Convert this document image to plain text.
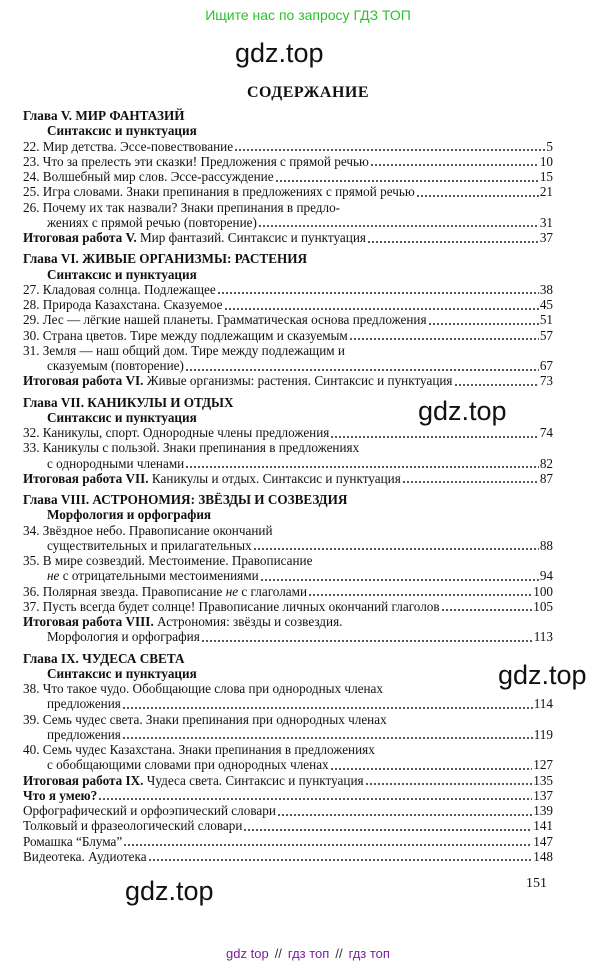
Ищите нас по запросу ГДЗ ТОП
gdz.top
gdz.top
gdz.top
gdz.top
СОДЕРЖАНИЕ
Глава V. МИР ФАНТАЗИЙ
Синтаксис и пунктуация
22. Мир детства. Эссе-повествование	5
23. Что за прелесть эти сказки! Предложения с прямой речью	10
24. Волшебный мир слов. Эссе-рассуждение	15
25. Игра словами. Знаки препинания в предложениях с прямой речью	21
26. Почему их так назвали? Знаки препинания в предло-
жениях с прямой речью (повторение)	31
Итоговая работа V. Мир фантазий. Синтаксис и пунктуация	37
Глава VI. ЖИВЫЕ ОРГАНИЗМЫ: РАСТЕНИЯ
Синтаксис и пунктуация
27. Кладовая солнца. Подлежащее	38
28. Природа Казахстана. Сказуемое	45
29. Лес — лёгкие нашей планеты. Грамматическая основа предложения	51
30. Страна цветов. Тире между подлежащим и сказуемым	57
31. Земля — наш общий дом. Тире между подлежащим и
сказуемым (повторение)	67
Итоговая работа VI. Живые организмы: растения. Синтаксис и пунктуация	73
Глава VII. КАНИКУЛЫ И ОТДЫХ
Синтаксис и пунктуация
32. Каникулы, спорт. Однородные члены предложения	74
33. Каникулы с пользой. Знаки препинания в предложениях
с однородными членами	82
Итоговая работа VII. Каникулы и отдых. Синтаксис и пунктуация	87
Глава VIII. АСТРОНОМИЯ: ЗВЁЗДЫ И СОЗВЕЗДИЯ
Морфология и орфография
34. Звёздное небо. Правописание окончаний
существительных и прилагательных	88
35. В мире созвездий. Местоимение. Правописание
не с отрицательными местоимениями	94
36. Полярная звезда. Правописание не с глаголами	100
37. Пусть всегда будет солнце! Правописание личных окончаний глаголов	105
Итоговая работа VIII. Астрономия: звёзды и созвездия.
Морфология и орфография	113
Глава IX. ЧУДЕСА СВЕТА
Синтаксис и пунктуация
38. Что такое чудо. Обобщающие слова при однородных членах
предложения	114
39. Семь чудес света. Знаки препинания при однородных членах
предложения	119
40. Семь чудес Казахстана. Знаки препинания в предложениях
с обобщающими словами при однородных членах	127
Итоговая работа IX. Чудеса света. Синтаксис и пунктуация	135
Что я умею?	137
Орфографический и орфоэпический словари	139
Толковый и фразеологический словари	141
Ромашка “Блума”	147
Видеотека. Аудиотека	148
151
gdz top // гдз топ // гдз топ
